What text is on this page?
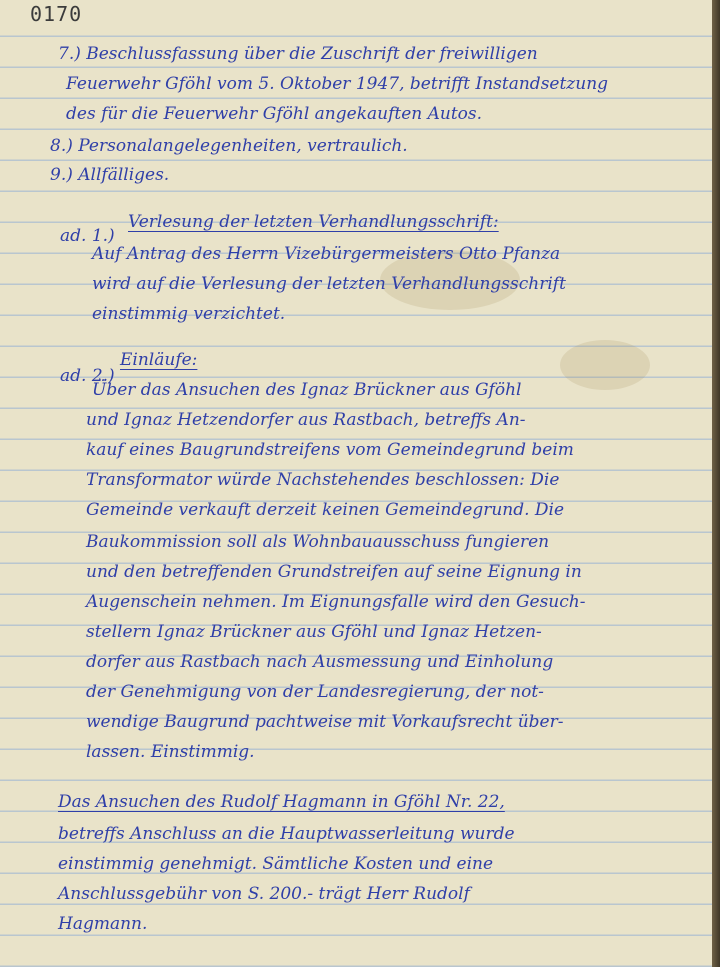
0170
7.) Beschlussfassung über die Zuschrift der freiwilligen
Feuerwehr Gföhl vom 5. Oktober 1947, betrifft Instandsetzung
des für die Feuerwehr Gföhl angekauften Autos.
8.) Personalangelegenheiten, vertraulich.
9.) Allfälliges.
ad. 1.)
Verlesung der letzten Verhandlungsschrift:
Auf Antrag des Herrn Vizebürgermeisters Otto Pfanza
wird auf die Verlesung der letzten Verhandlungsschrift
einstimmig verzichtet.
ad. 2.)
Einläufe:
Über das Ansuchen des Ignaz Brückner aus Gföhl
und Ignaz Hetzendorfer aus Rastbach, betreffs An-
kauf eines Baugrundstreifens vom Gemeindegrund beim
Transformator würde Nachstehendes beschlossen: Die
Gemeinde verkauft derzeit keinen Gemeindegrund. Die
Baukommission soll als Wohnbauausschuss fungieren
und den betreffenden Grundstreifen auf seine Eignung in
Augenschein nehmen. Im Eignungsfalle wird den Gesuch-
stellern Ignaz Brückner aus Gföhl und Ignaz Hetzen-
dorfer aus Rastbach nach Ausmessung und Einholung
der Genehmigung von der Landesregierung, der not-
wendige Baugrund pachtweise mit Vorkaufsrecht über-
lassen. Einstimmig.
Das Ansuchen des Rudolf Hagmann in Gföhl Nr. 22,
betreffs Anschluss an die Hauptwasserleitung wurde
einstimmig genehmigt. Sämtliche Kosten und eine
Anschlussgebühr von S. 200.- trägt Herr Rudolf
Hagmann.
